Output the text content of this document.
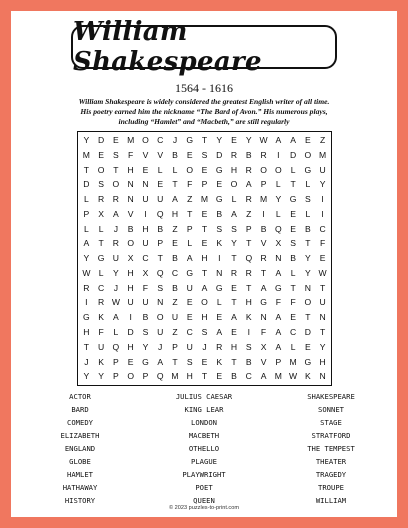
William Shakespeare
1564 - 1616
William Shakespeare is widely considered the greatest English writer of all time. His poetry earned him the nickname “The Bard of Avon.” His numerous plays, including “Hamlet” and “Macbeth,” are still regularly
Y D E M O C J G T Y E Y W A A E Z
M E S F V V B E S D R B R I D O M
T O T H E L L O E G H R O O L G U
D S O N N E T F P E O A P L T L Y
L R R N U U A Z M G L R M Y G S I
P X A V I Q H T E B A Z I L E L I
L L J B H B Z P T S S P B Q E B C
A T R O U P E L E K Y T V X S T F
Y G U X C T B A H I T Q R N B Y E
W L Y H X Q C G T N R R T A L Y W
R C J H F S B U A G E T A G T N T
I R W U U N Z E O L T H G F F O U
G K A I B O U E H E A K N A E T N
H F L D S U Z C S A E I F A C D T
T U Q H Y J P U J R H S X A L E Y
J K P E G A T S E K T B V P M G H
Y Y P O P Q M H T E B C A M W K N
ACTOR
BARD
COMEDY
ELIZABETH
ENGLAND
GLOBE
HAMLET
HATHAWAY
HISTORY
JULIUS CAESAR
KING LEAR
LONDON
MACBETH
OTHELLO
PLAGUE
PLAYWRIGHT
POET
QUEEN
SHAKESPEARE
SONNET
STAGE
STRATFORD
THE TEMPEST
THEATER
TRAGEDY
TROUPE
WILLIAM
© 2023 puzzles-to-print.com
